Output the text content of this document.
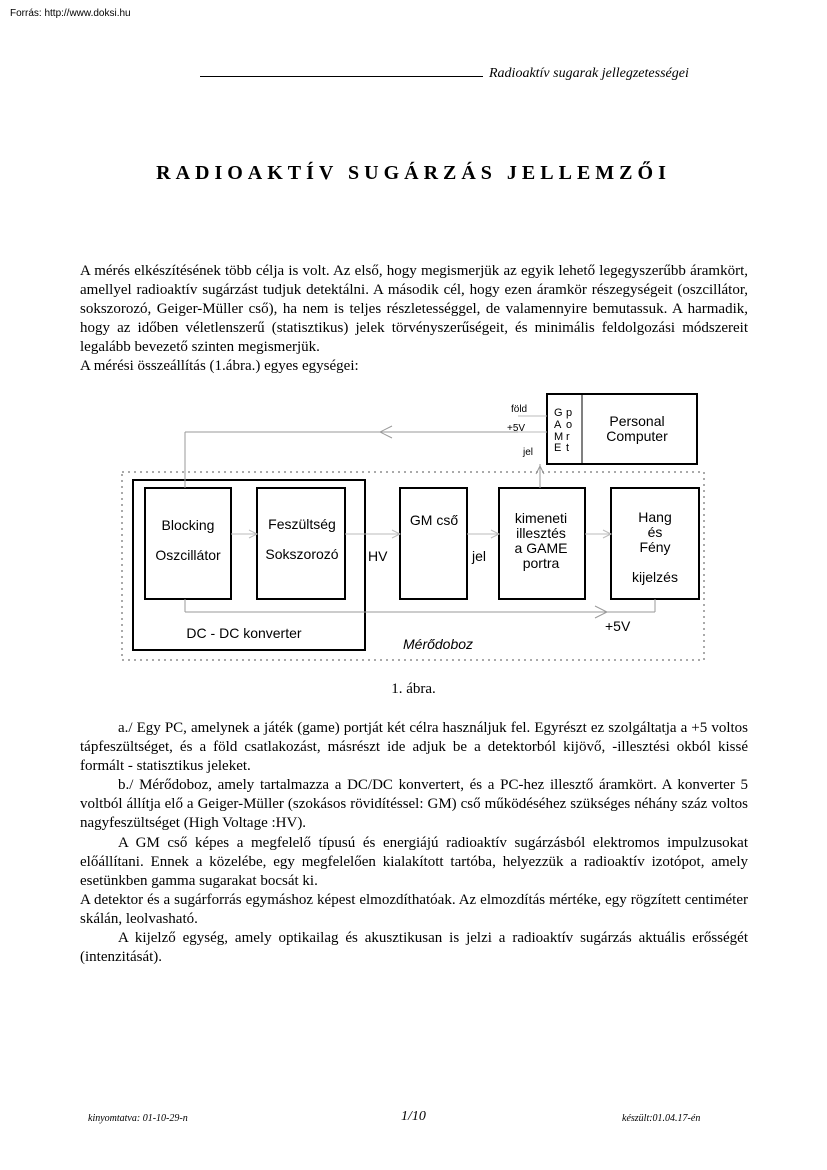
Forrás: http://www.doksi.hu
Radioaktív sugarak jellegzetességei
RADIOAKTÍV SUGÁRZÁS JELLEMZŐI

A mérés elkészítésének több célja is volt. Az első, hogy megismerjük az egyik lehető legegyszerűbb áramkört, amellyel radioaktív sugárzást tudjuk detektálni. A második cél, hogy ezen áramkör részegységeit (oszcillátor, sokszorozó, Geiger-Müller cső), ha nem is teljes részletességgel, de valamennyire bemutassuk. A harmadik, hogy az időben véletlenszerű (statisztikus) jelek törvényszerűségeit, és minimális feldolgozási módszereit legalább bevezető szinten megismerjük.

A mérési összeállítás (1.ábra.) egyes egységei:

Personal
Computer
G
A
M
E
p
o
r
t
föld
+5V
jel
Blocking
Oszcillátor
Feszültség
Sokszorozó HV
GM cső
jel
kimeneti
illesztés
a GAME
portra
Hang
és
Fény
kijelzés
DC - DC konverter
Mérődoboz
+5V
1. ábra.

a./ Egy PC, amelynek a játék (game) portját két célra használjuk fel. Egyrészt ez szolgáltatja a +5 voltos tápfeszültséget, és a föld csatlakozást, másrészt ide adjuk be a detektorból kijövő, -illesztési okból kissé formált - statisztikus jeleket.

b./ Mérődoboz, amely tartalmazza a DC/DC konvertert, és a PC-hez illesztő áramkört. A konverter 5 voltból állítja elő a Geiger-Müller (szokásos rövidítéssel: GM) cső működéséhez szükséges néhány száz voltos nagyfeszültséget (High Voltage :HV).

A GM cső képes a megfelelő típusú és energiájú radioaktív sugárzásból elektromos impulzusokat előállítani. Ennek a közelébe, egy megfelelően kialakított tartóba, helyezzük a radioaktív izotópot, amely esetünkben gamma sugarakat bocsát ki.

A detektor és a sugárforrás egymáshoz képest elmozdíthatóak. Az elmozdítás mértéke, egy rögzített centiméter skálán, leolvasható.

A kijelző egység, amely optikailag és akusztikusan is jelzi a radioaktív sugárzás aktuális erősségét (intenzitását).

kinyomtatva: 01-10-29-n	1/10	készült:01.04.17-én
